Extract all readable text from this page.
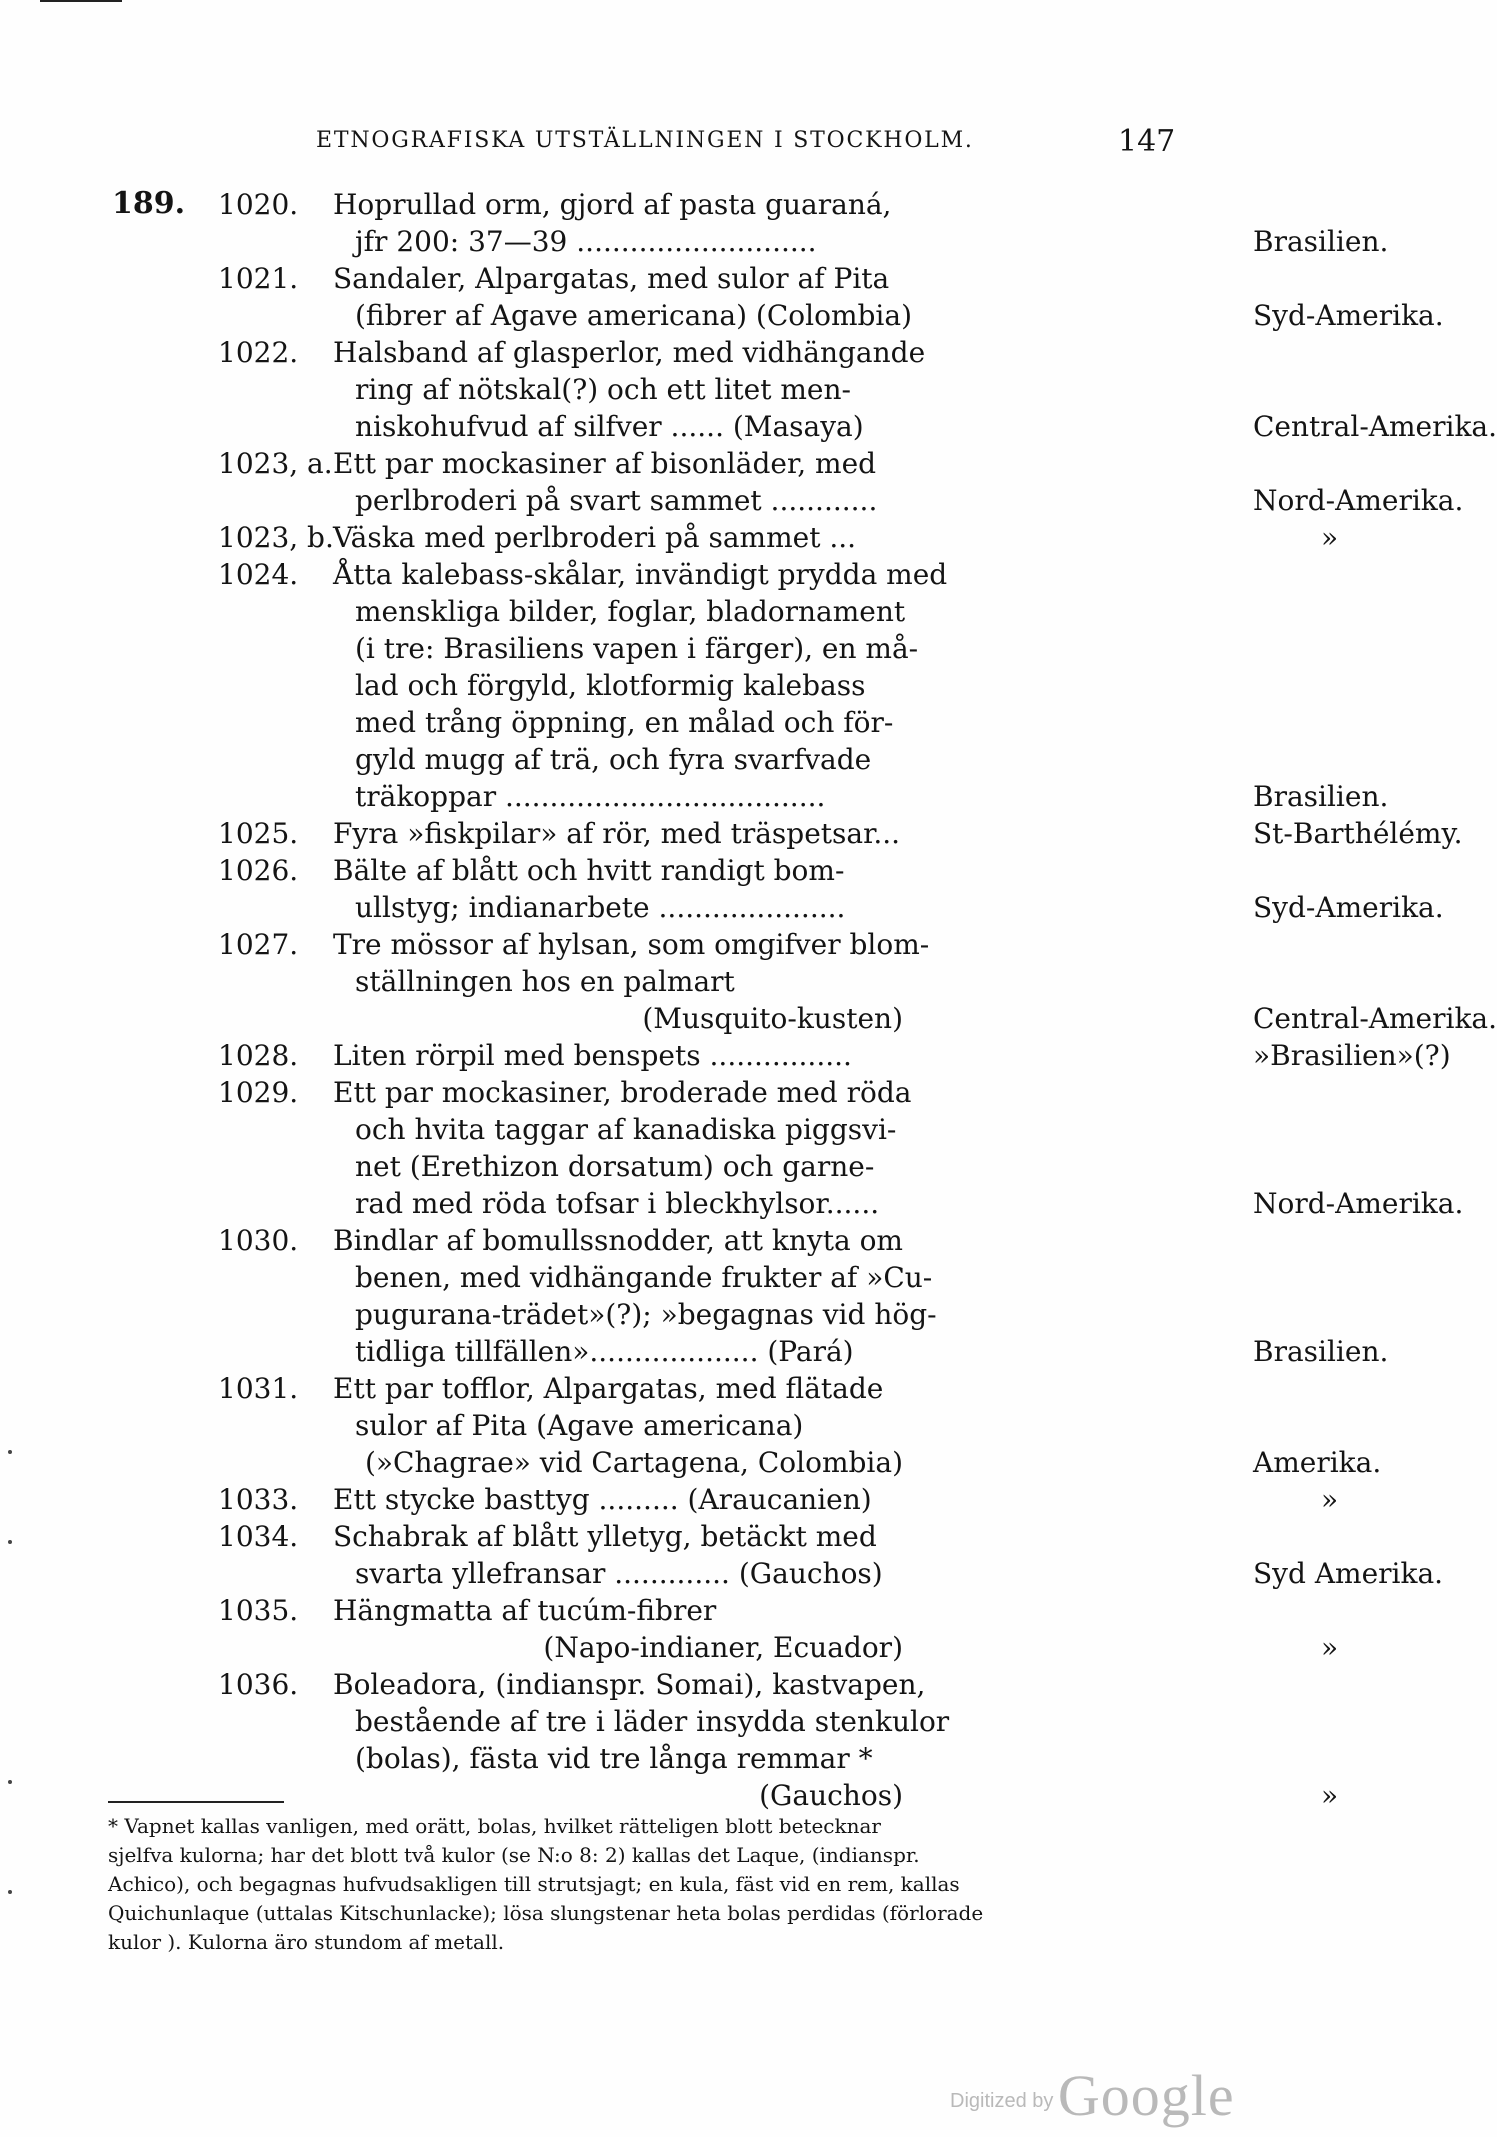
ETNOGRAFISKA UTSTÄLLNINGEN I STOCKHOLM.	147
189. 1020. Hoprullad orm, gjord af pasta guaraná,
jfr 200: 37—39 ...........................	Brasilien.
1021. Sandaler, Alpargatas, med sulor af Pita
(fibrer af Agave americana) (Colombia)	Syd-Amerika.
1022. Halsband af glasperlor, med vidhängande
ring af nötskal(?) och ett litet men-
niskohufvud af silfver ...... (Masaya)	Central-Amerika.
1023, a. Ett par mockasiner af bisonläder, med
perlbroderi på svart sammet ............	Nord-Amerika.
1023, b. Väska med perlbroderi på sammet ...	»
1024. Åtta kalebass-skålar, invändigt prydda med
menskliga bilder, foglar, bladornament
(i tre: Brasiliens vapen i färger), en må-
lad och förgyld, klotformig kalebass
med trång öppning, en målad och för-
gyld mugg af trä, och fyra svarfvade
träkoppar ....................................	Brasilien.
1025. Fyra »fiskpilar» af rör, med träspetsar...	St-Barthélémy.
1026. Bälte af blått och hvitt randigt bom-
ullstyg; indianarbete .....................	Syd-Amerika.
1027. Tre mössor af hylsan, som omgifver blom-
ställningen hos en palmart
(Musquito-kusten)	Central-Amerika.
1028. Liten rörpil med benspets ................	»Brasilien»(?)
1029. Ett par mockasiner, broderade med röda
och hvita taggar af kanadiska piggsvi-
net (Erethizon dorsatum) och garne-
rad med röda tofsar i bleckhylsor......	Nord-Amerika.
1030. Bindlar af bomullssnodder, att knyta om
benen, med vidhängande frukter af »Cu-
pugurana-trädet»(?); »begagnas vid hög-
tidliga tillfällen»................... (Pará)	Brasilien.
1031. Ett par tofflor, Alpargatas, med flätade
sulor af Pita (Agave americana)
(»Chagrae» vid Cartagena, Colombia)	Amerika.
1033. Ett stycke basttyg ......... (Araucanien)	»
1034. Schabrak af blått ylletyg, betäckt med
svarta yllefransar ............. (Gauchos)	Syd Amerika.
1035. Hängmatta af tucúm-fibrer
(Napo-indianer, Ecuador)	»
1036. Boleadora, (indianspr. Somai), kastvapen,
bestående af tre i läder insydda stenkulor
(bolas), fästa vid tre långa remmar *
(Gauchos)	»
* Vapnet kallas vanligen, med orätt, bolas, hvilket rätteligen blott betecknar
sjelfva kulorna; har det blott två kulor (se N:o 8: 2) kallas det Laque, (indianspr.
Achico), och begagnas hufvudsakligen till strutsjagt; en kula, fäst vid en rem, kallas
Quichunlaque (uttalas Kitschunlacke); lösa slungstenar heta bolas perdidas (förlorade
kulor ). Kulorna äro stundom af metall.
Digitized by Google
